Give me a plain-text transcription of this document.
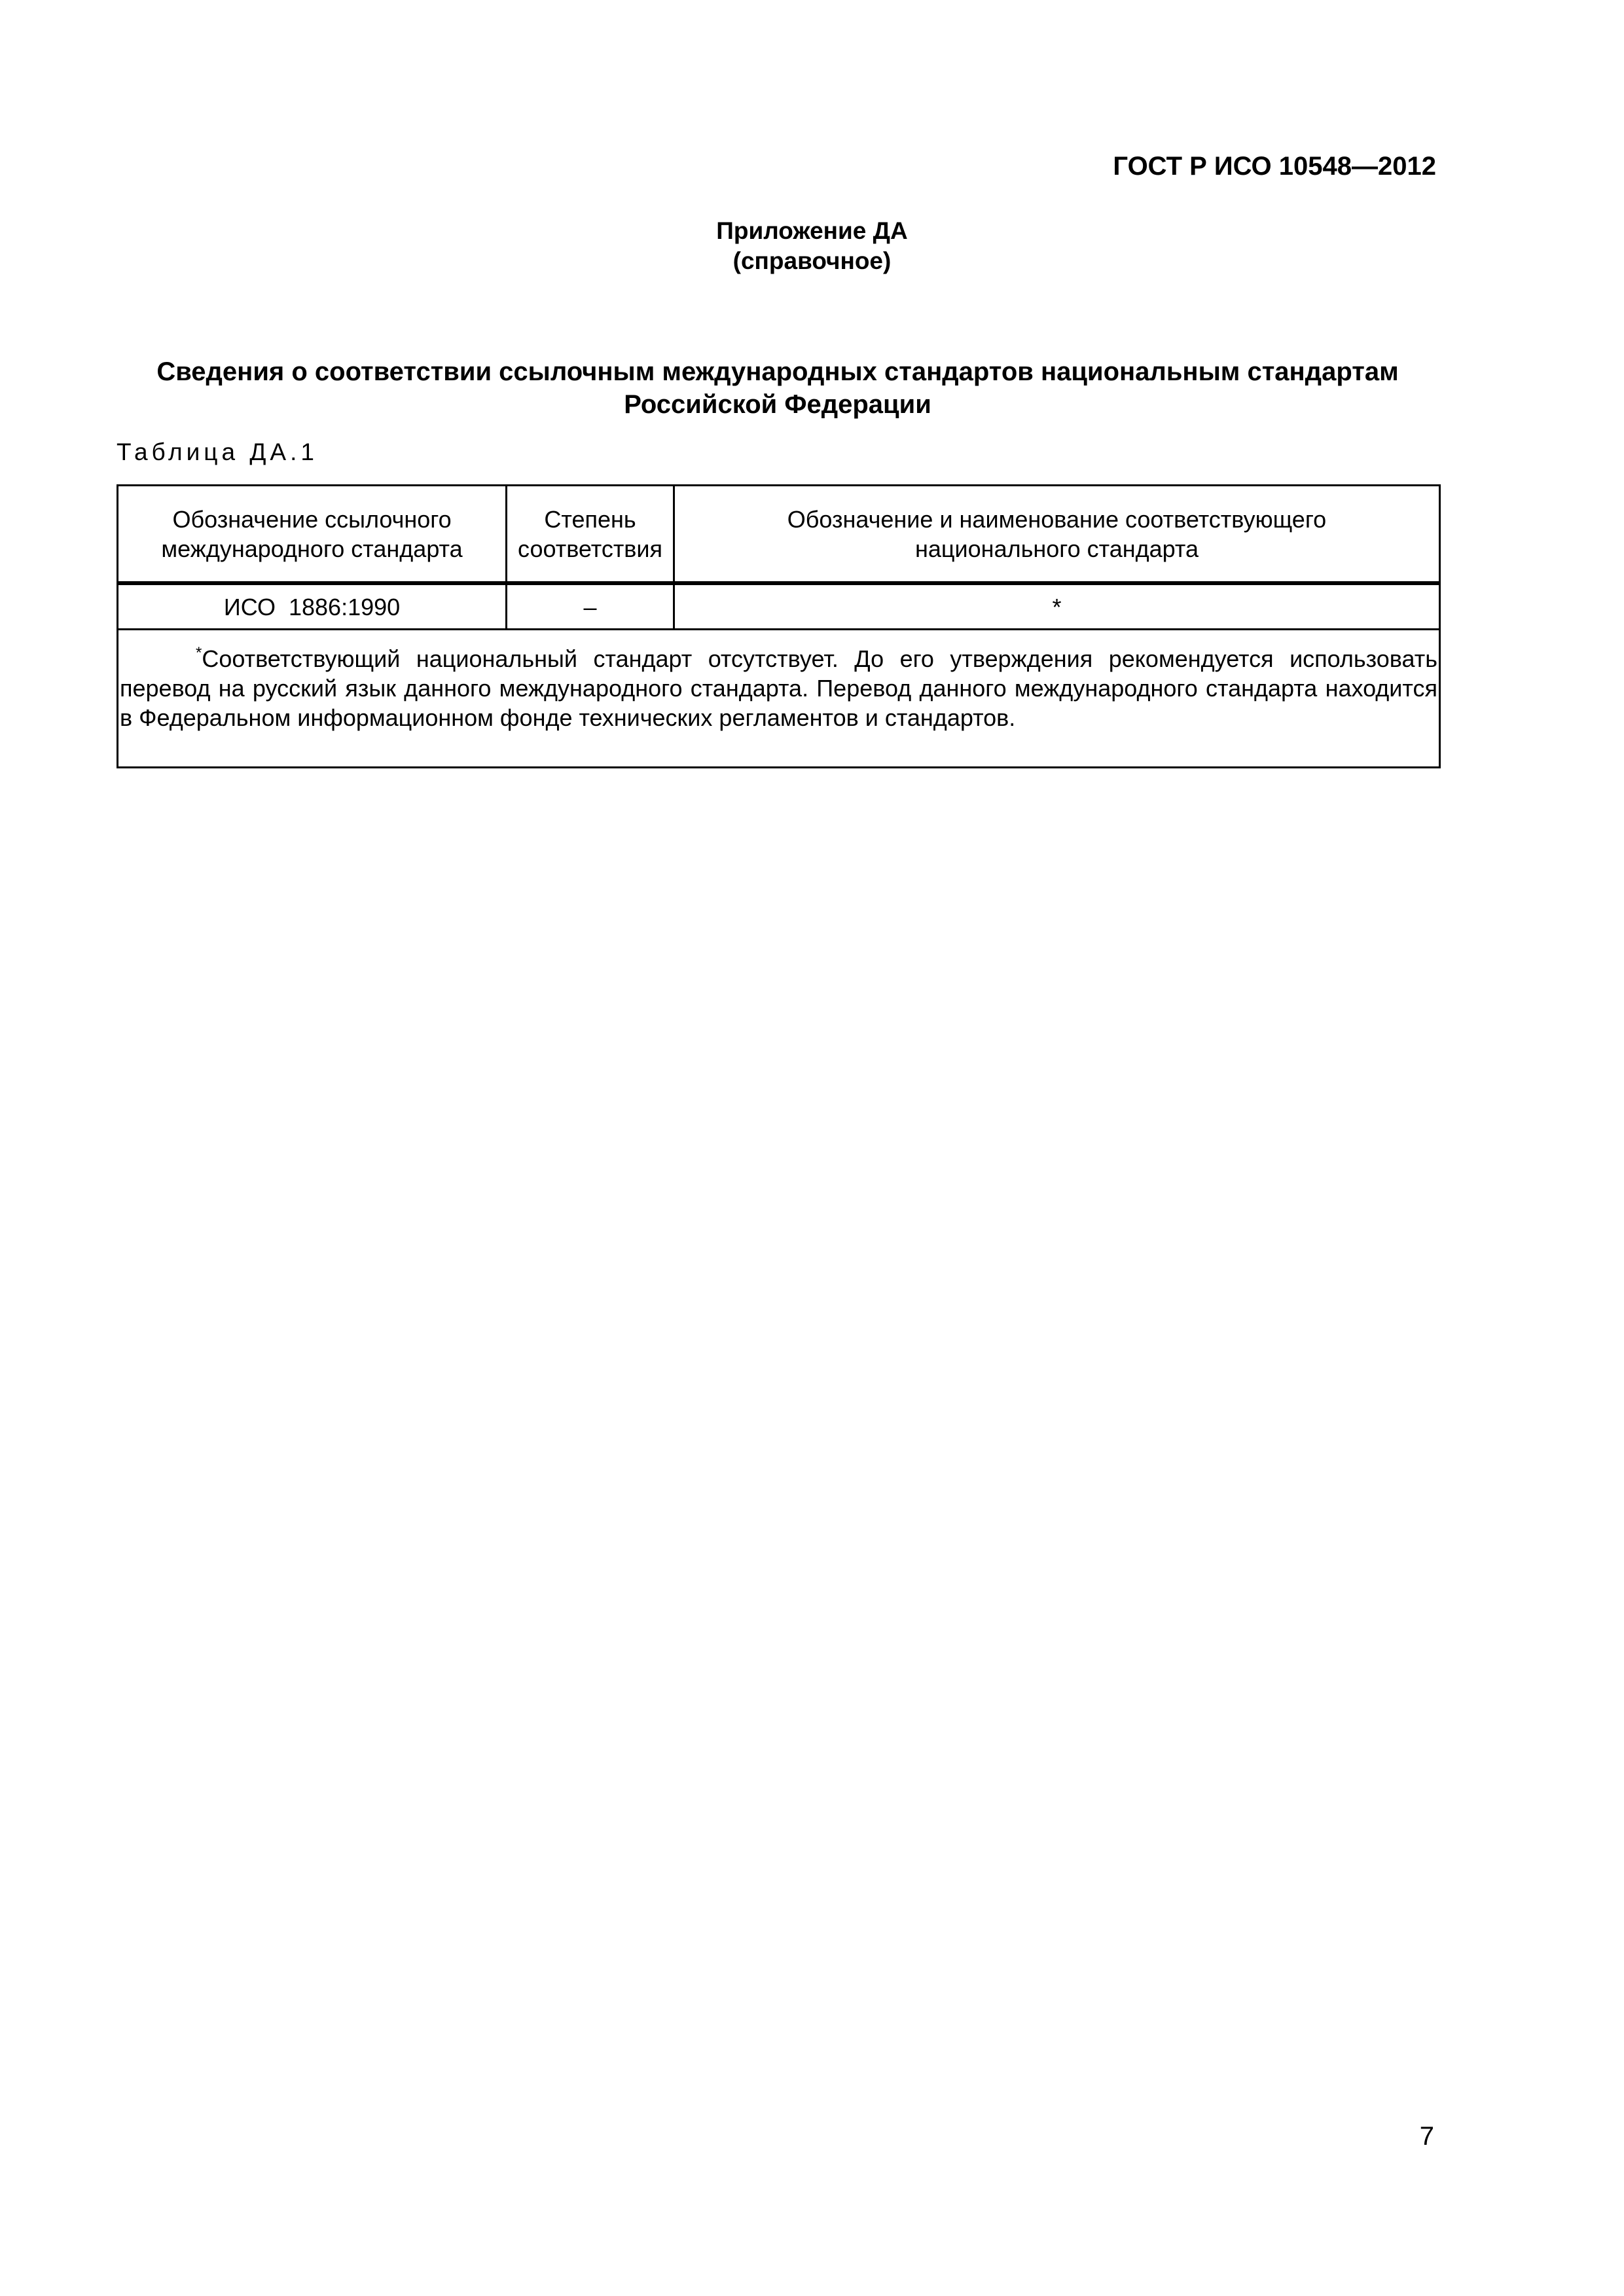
ГОСТ Р ИСО 10548—2012
Приложение ДА
(справочное)
Сведения о соответствии ссылочным международных стандартов национальным стандартам Российской Федерации
Таблица ДА.1
Обозначение ссылочного международного стандарта	Степень соответствия	Обозначение и наименование соответствующего национального стандарта

ИСО  1886:1990	–	*
*Соответствующий национальный стандарт отсутствует. До его утверждения рекомендуется использовать перевод на русский язык данного международного стандарта. Перевод данного международного стандарта находится в Федеральном информационном фонде технических регламентов и стандартов.		
7
